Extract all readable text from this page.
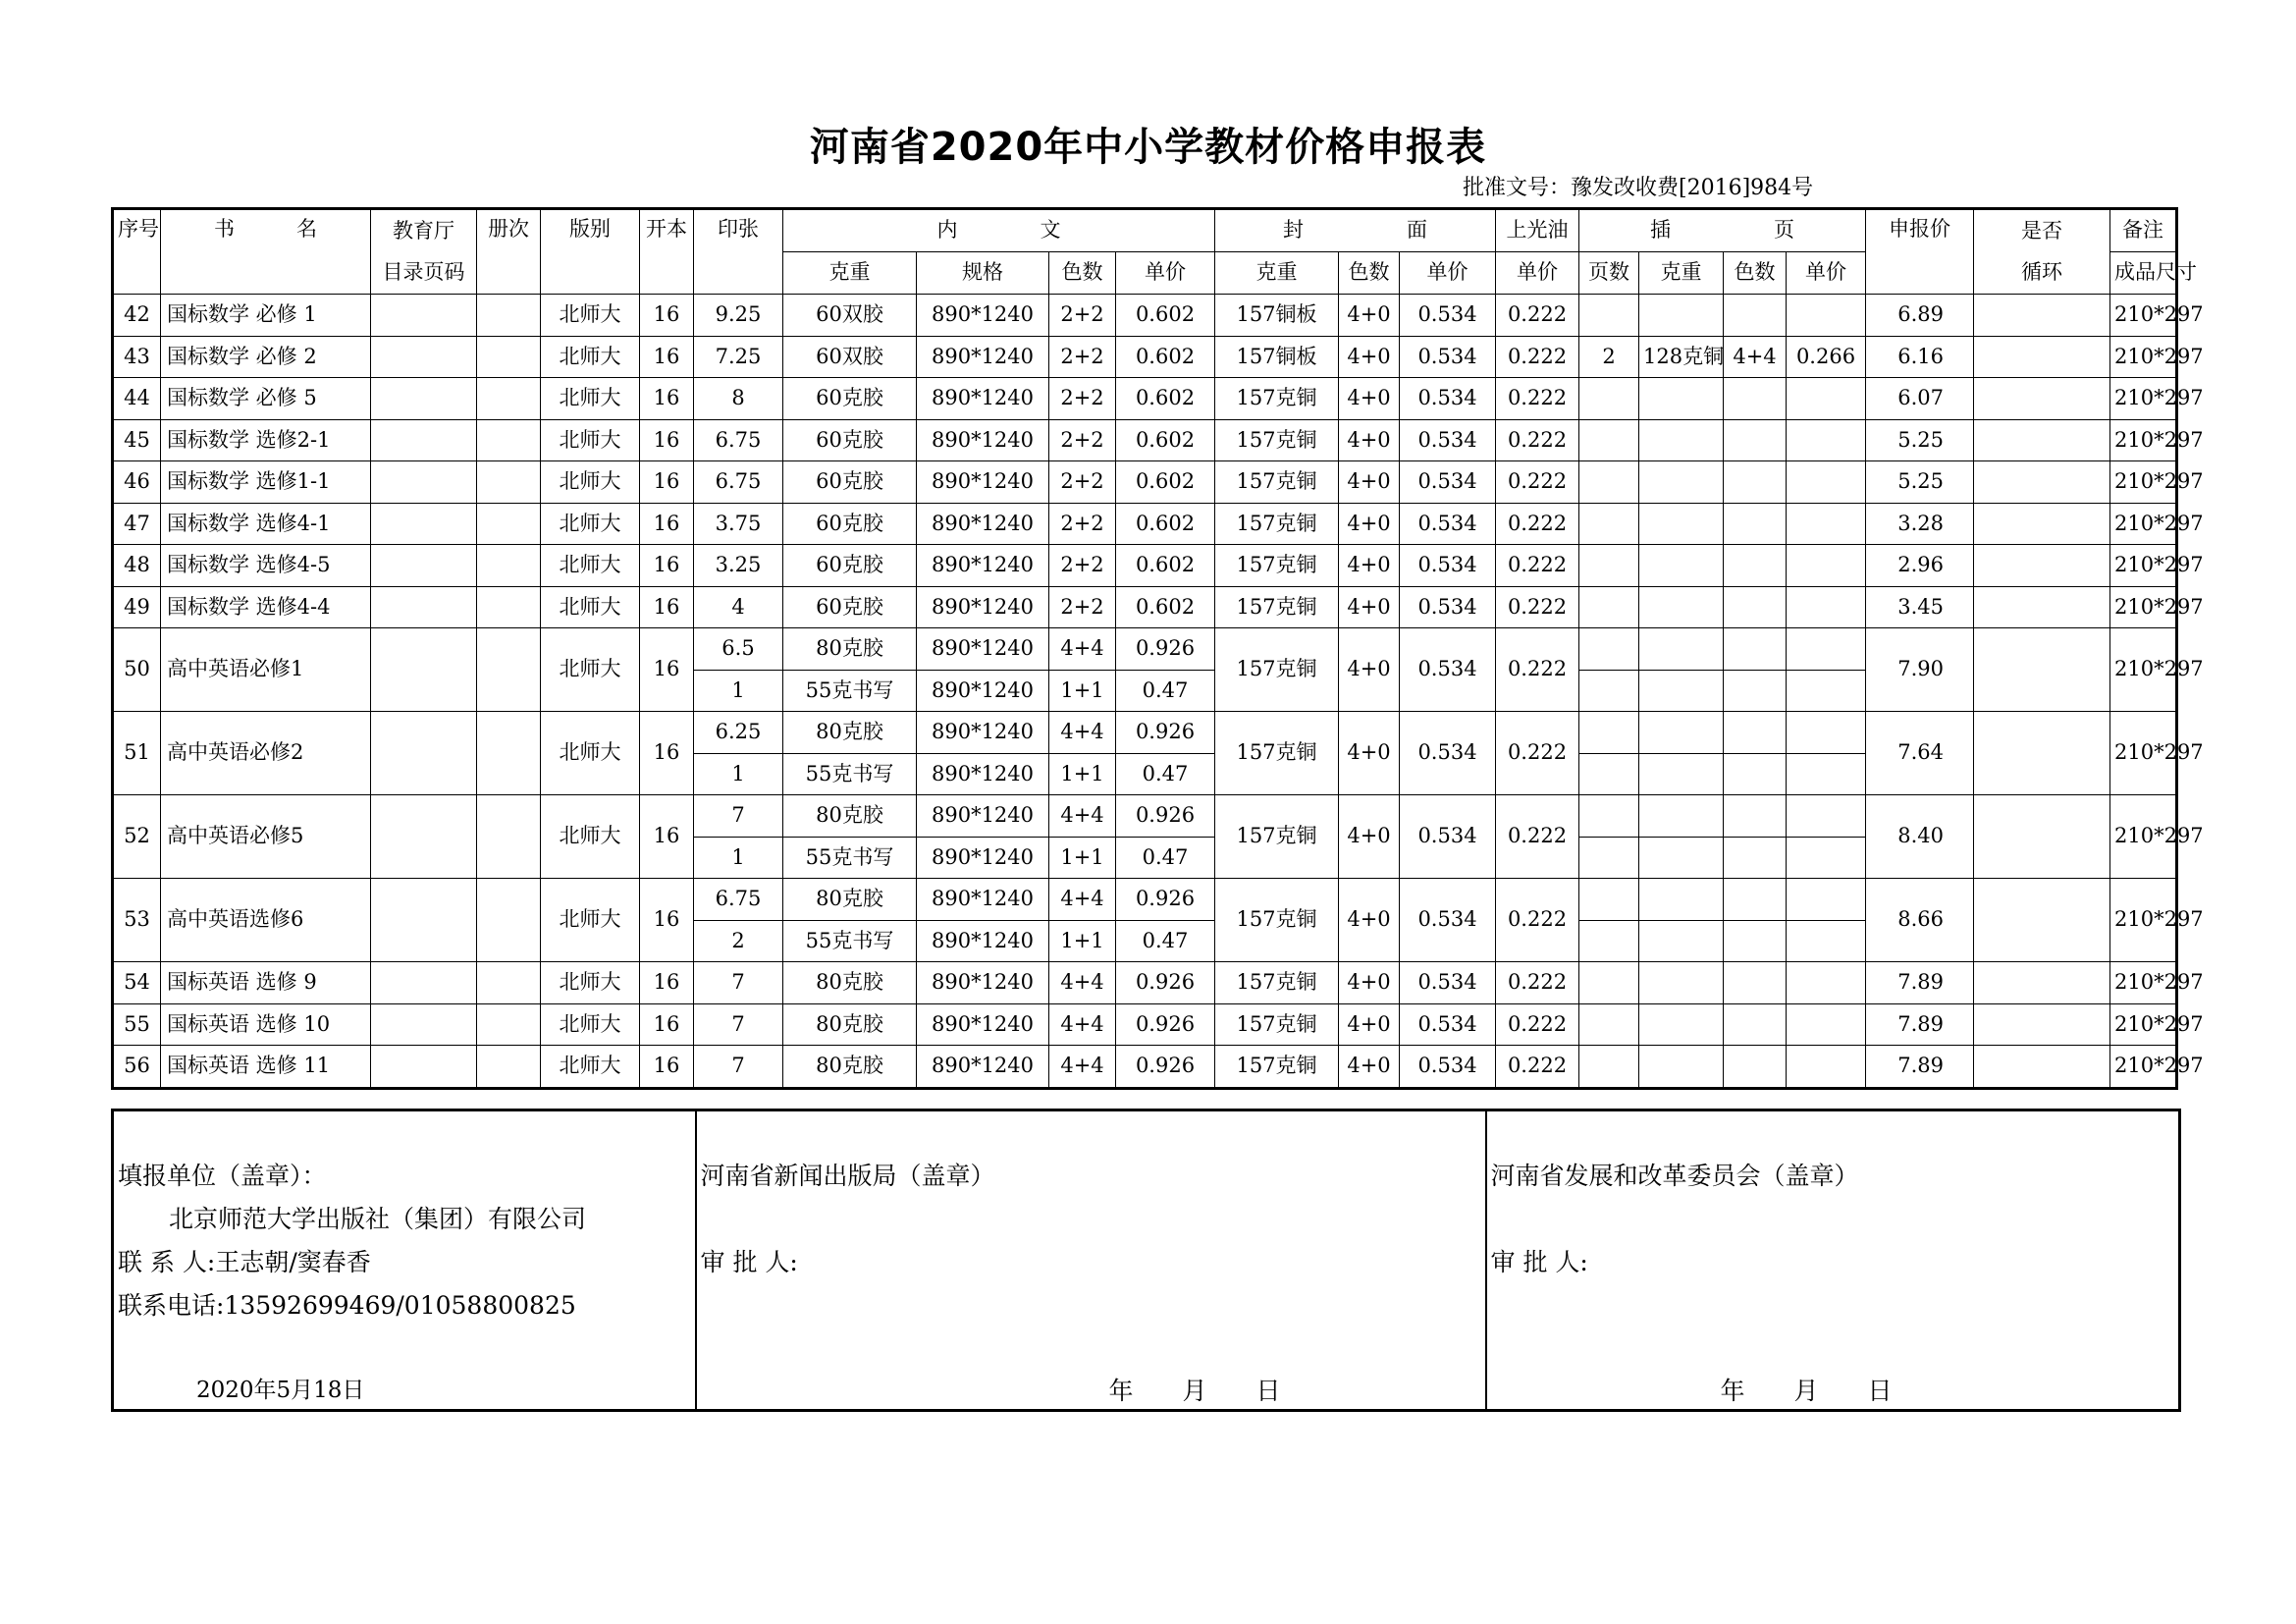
河南省2020年中小学教材价格申报表
批准文号：豫发改收费[2016]984号
序号	书　　　名	教育厅	册次	版别	开本	印张	内　　　　文				封　　　　　面			上光油	插　　　　　页				申报价	是否	备注
		目录页码					克重	规格	色数	单价	克重	色数	单价	单价	页数	克重	色数	单价		循环	成品尺寸
42	国标数学 必修 1			北师大	16	9.25	60双胶	890*1240	2+2	0.602	157铜板	4+0	0.534	0.222					6.89		210*297
43	国标数学 必修 2			北师大	16	7.25	60双胶	890*1240	2+2	0.602	157铜板	4+0	0.534	0.222	2	128克铜	4+4	0.266	6.16		210*297
44	国标数学 必修 5			北师大	16	8	60克胶	890*1240	2+2	0.602	157克铜	4+0	0.534	0.222					6.07		210*297
45	国标数学 选修2-1			北师大	16	6.75	60克胶	890*1240	2+2	0.602	157克铜	4+0	0.534	0.222					5.25		210*297
46	国标数学 选修1-1			北师大	16	6.75	60克胶	890*1240	2+2	0.602	157克铜	4+0	0.534	0.222					5.25		210*297
47	国标数学 选修4-1			北师大	16	3.75	60克胶	890*1240	2+2	0.602	157克铜	4+0	0.534	0.222					3.28		210*297
48	国标数学 选修4-5			北师大	16	3.25	60克胶	890*1240	2+2	0.602	157克铜	4+0	0.534	0.222					2.96		210*297
49	国标数学 选修4-4			北师大	16	4	60克胶	890*1240	2+2	0.602	157克铜	4+0	0.534	0.222					3.45		210*297
50	高中英语必修1			北师大	16	6.5	80克胶	890*1240	4+4	0.926	157克铜	4+0	0.534	0.222					7.90		210*297
						1	55克书写	890*1240	1+1	0.47											
51	高中英语必修2			北师大	16	6.25	80克胶	890*1240	4+4	0.926	157克铜	4+0	0.534	0.222					7.64		210*297
						1	55克书写	890*1240	1+1	0.47											
52	高中英语必修5			北师大	16	7	80克胶	890*1240	4+4	0.926	157克铜	4+0	0.534	0.222					8.40		210*297
						1	55克书写	890*1240	1+1	0.47											
53	高中英语选修6			北师大	16	6.75	80克胶	890*1240	4+4	0.926	157克铜	4+0	0.534	0.222					8.66		210*297
						2	55克书写	890*1240	1+1	0.47											
54	国标英语 选修 9			北师大	16	7	80克胶	890*1240	4+4	0.926	157克铜	4+0	0.534	0.222					7.89		210*297
55	国标英语 选修 10			北师大	16	7	80克胶	890*1240	4+4	0.926	157克铜	4+0	0.534	0.222					7.89		210*297
56	国标英语 选修 11			北师大	16	7	80克胶	890*1240	4+4	0.926	157克铜	4+0	0.534	0.222					7.89		210*297
填报单位（盖章）：
北京师范大学出版社（集团）有限公司
联 系 人:王志朝/窦春香
联系电话:13592699469/01058800825
2020年5月18日

河南省新闻出版局（盖章）
审 批 人:
年　　月　　日

河南省发展和改革委员会（盖章）
审 批 人:
年　　月　　日
